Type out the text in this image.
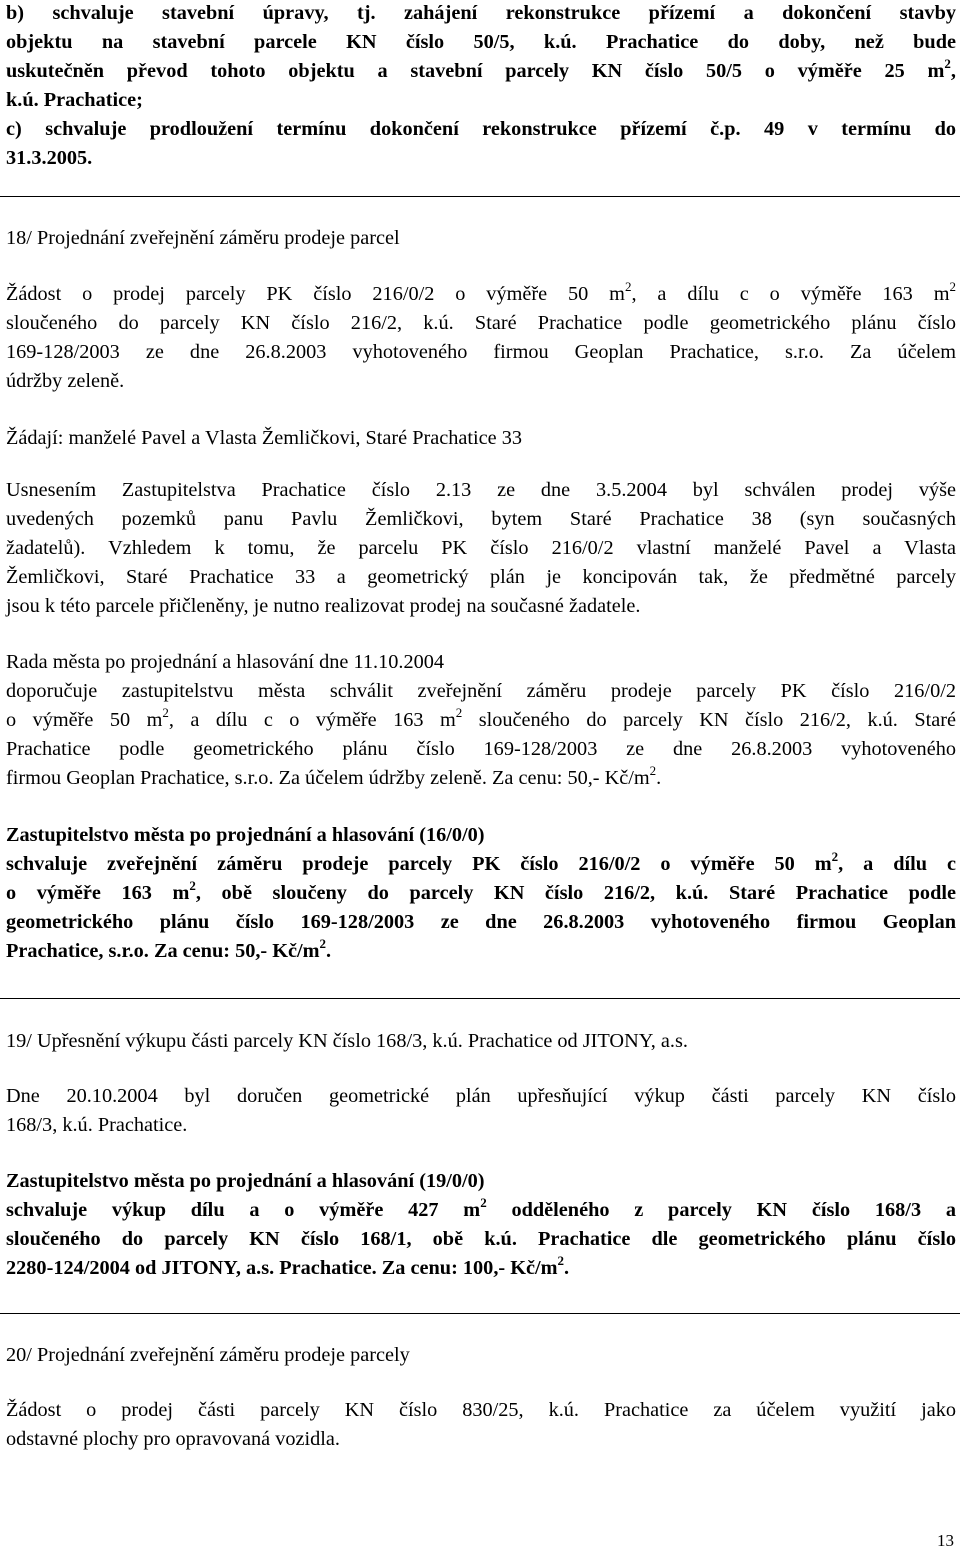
b) schvaluje stavební úpravy, tj. zahájení rekonstrukce přízemí a dokončení stavby
objektu na stavební parcele KN číslo 50/5, k.ú. Prachatice do doby, než bude
uskutečněn převod tohoto objektu a stavební parcely KN číslo 50/5 o výměře 25 $m^2$,
k.ú. Prachatice;
c) schvaluje prodloužení termínu dokončení rekonstrukce přízemí č.p. 49 v termínu do
31.3.2005.
18/ Projednání zveřejnění záměru prodeje parcel
Žádost o prodej parcely PK číslo 216/0/2 o výměře 50 $m^2$, a dílu c o výměře 163 $m^2$
sloučeného do parcely KN číslo 216/2, k.ú. Staré Prachatice podle geometrického plánu číslo
169-128/2003 ze dne 26.8.2003 vyhotoveného firmou Geoplan Prachatice, s.r.o. Za účelem
údržby zeleně.
Žádají: manželé Pavel a Vlasta Žemličkovi, Staré Prachatice 33
Usnesením Zastupitelstva Prachatice číslo 2.13 ze dne 3.5.2004 byl schválen prodej výše
uvedených pozemků panu Pavlu Žemličkovi, bytem Staré Prachatice 38 (syn současných
žadatelů). Vzhledem k tomu, že parcelu PK číslo 216/0/2 vlastní manželé Pavel a Vlasta
Žemličkovi, Staré Prachatice 33 a geometrický plán je koncipován tak, že předmětné parcely
jsou k této parcele přičleněny, je nutno realizovat prodej na současné žadatele.
Rada města po projednání a hlasování dne 11.10.2004
doporučuje zastupitelstvu města schválit zveřejnění záměru prodeje parcely PK číslo 216/0/2
o výměře 50 $m^2$, a dílu c o výměře 163 $m^2$ sloučeného do parcely KN číslo 216/2, k.ú. Staré
Prachatice podle geometrického plánu číslo 169-128/2003 ze dne 26.8.2003 vyhotoveného
firmou Geoplan Prachatice, s.r.o. Za účelem údržby zeleně. Za cenu: 50,- $Kč/m^2$.
Zastupitelstvo města po projednání a hlasování (16/0/0)
schvaluje zveřejnění záměru prodeje parcely PK číslo 216/0/2 o výměře 50 $m^2$, a dílu c
o výměře 163 $m^2$, obě sloučeny do parcely KN číslo 216/2, k.ú. Staré Prachatice podle
geometrického plánu číslo 169-128/2003 ze dne 26.8.2003 vyhotoveného firmou Geoplan
Prachatice, s.r.o. Za cenu: 50,- $Kč/m^2$.
19/ Upřesnění výkupu části parcely KN číslo 168/3, k.ú. Prachatice od JITONY, a.s.
Dne 20.10.2004 byl doručen geometrické plán upřesňující výkup části parcely KN číslo
168/3, k.ú. Prachatice.
Zastupitelstvo města po projednání a hlasování (19/0/0)
schvaluje výkup dílu a o výměře 427 $m^2$ odděleného z parcely KN číslo 168/3 a
sloučeného do parcely KN číslo 168/1, obě k.ú. Prachatice dle geometrického plánu číslo
2280-124/2004 od JITONY, a.s. Prachatice. Za cenu: 100,- $Kč/m^2$.
20/ Projednání zveřejnění záměru prodeje parcely
Žádost o prodej části parcely KN číslo 830/25, k.ú. Prachatice za účelem využití jako
odstavné plochy pro opravovaná vozidla.
13
